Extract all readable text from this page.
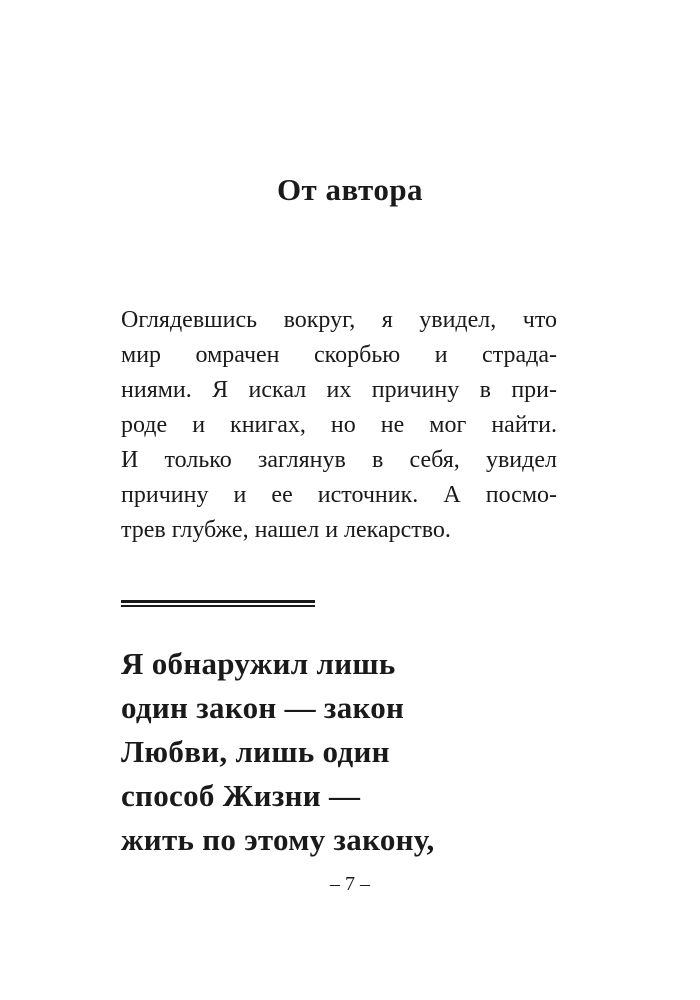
От автора
Оглядевшись вокруг, я увидел, что
мир омрачен скорбью и страда-
ниями. Я искал их причину в при-
роде и книгах, но не мог найти.
И только заглянув в себя, увидел
причину и ее источник. А посмо-
трев глубже, нашел и лекарство.
Я обнаружил лишь
один закон — закон
Любви, лишь один
способ Жизни —
жить по этому закону,
– 7 –
